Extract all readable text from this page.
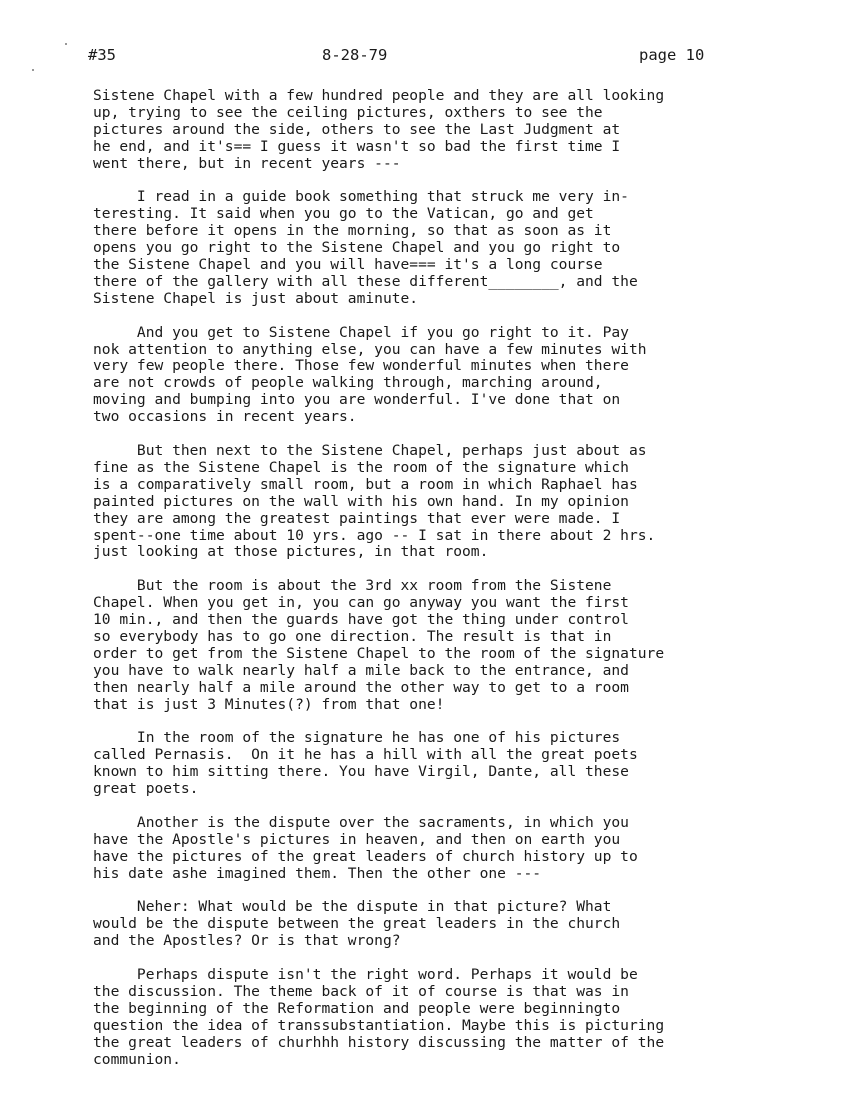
#35	8-28-79	page 10
Sistene Chapel with a few hundred people and they are all looking
up, trying to see the ceiling pictures, oxthers to see the
pictures around the side, others to see the Last Judgment at
he end, and it's== I guess it wasn't so bad the first time I
went there, but in recent years ---
I read in a guide book something that struck me very in-
teresting. It said when you go to the Vatican, go and get
there before it opens in the morning, so that as soon as it
opens you go right to the Sistene Chapel and you go right to
the Sistene Chapel and you will have=== it's a long course
there of the gallery with all these different________, and the
Sistene Chapel is just about aminute.
And you get to Sistene Chapel if you go right to it. Pay
nok attention to anything else, you can have a few minutes with
very few people there. Those few wonderful minutes when there
are not crowds of people walking through, marching around,
moving and bumping into you are wonderful. I've done that on
two occasions in recent years.
But then next to the Sistene Chapel, perhaps just about as
fine as the Sistene Chapel is the room of the signature which
is a comparatively small room, but a room in which Raphael has
painted pictures on the wall with his own hand. In my opinion
they are among the greatest paintings that ever were made. I
spent--one time about 10 yrs. ago -- I sat in there about 2 hrs.
just looking at those pictures, in that room.
But the room is about the 3rd xx room from the Sistene
Chapel. When you get in, you can go anyway you want the first
10 min., and then the guards have got the thing under control
so everybody has to go one direction. The result is that in
order to get from the Sistene Chapel to the room of the signature
you have to walk nearly half a mile back to the entrance, and
then nearly half a mile around the other way to get to a room
that is just 3 Minutes(?) from that one!
In the room of the signature he has one of his pictures
called Pernasis.  On it he has a hill with all the great poets
known to him sitting there. You have Virgil, Dante, all these
great poets.
Another is the dispute over the sacraments, in which you
have the Apostle's pictures in heaven, and then on earth you
have the pictures of the great leaders of church history up to
his date ashe imagined them. Then the other one ---
Neher: What would be the dispute in that picture? What
would be the dispute between the great leaders in the church
and the Apostles? Or is that wrong?
Perhaps dispute isn't the right word. Perhaps it would be
the discussion. The theme back of it of course is that was in
the beginning of the Reformation and people were beginningto
question the idea of transsubstantiation. Maybe this is picturing
the great leaders of churhhh history discussing the matter of the
communion.
